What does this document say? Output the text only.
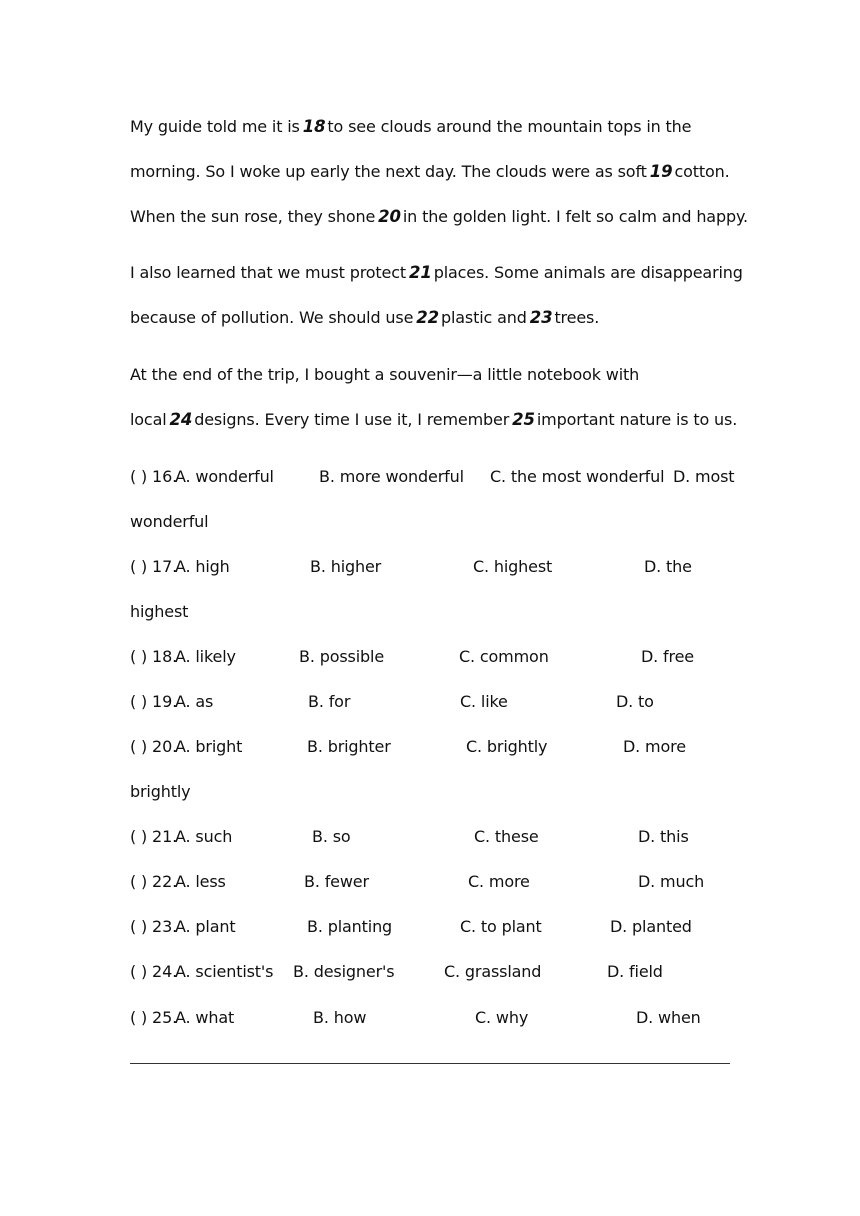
My guide told me it is 18 to see clouds around the mountain tops in the
morning. So I woke up early the next day. The clouds were as soft 19 cotton.
When the sun rose, they shone 20 in the golden light. I felt so calm and happy.
I also learned that we must protect 21 places. Some animals are disappearing
because of pollution. We should use 22 plastic and 23 trees.
At the end of the trip, I bought a souvenir—a little notebook with
local 24 designs. Every time I use it, I remember 25 important nature is to us.
( ) 16.
A. wonderful	B. more wonderful C. the most wonderful D. most
wonderful
( ) 17.
A. high	B. higher	C. highest	D. the
highest
( ) 18.
A. likely	B. possible	C. common	D. free
( ) 19.
A. as	B. for	C. like	D. to
( ) 20.
A. bright	B. brighter	C. brightly	D. more
brightly
( ) 21.
A. such	B. so	C. these	D. this
( ) 22.
A. less	B. fewer	C. more	D. much
( ) 23.
A. plant	B. planting	C. to plant	D. planted
( ) 24.
A. scientist's B. designer's	C. grassland	D. field
( ) 25.
A. what	B. how	C. why	D. when
